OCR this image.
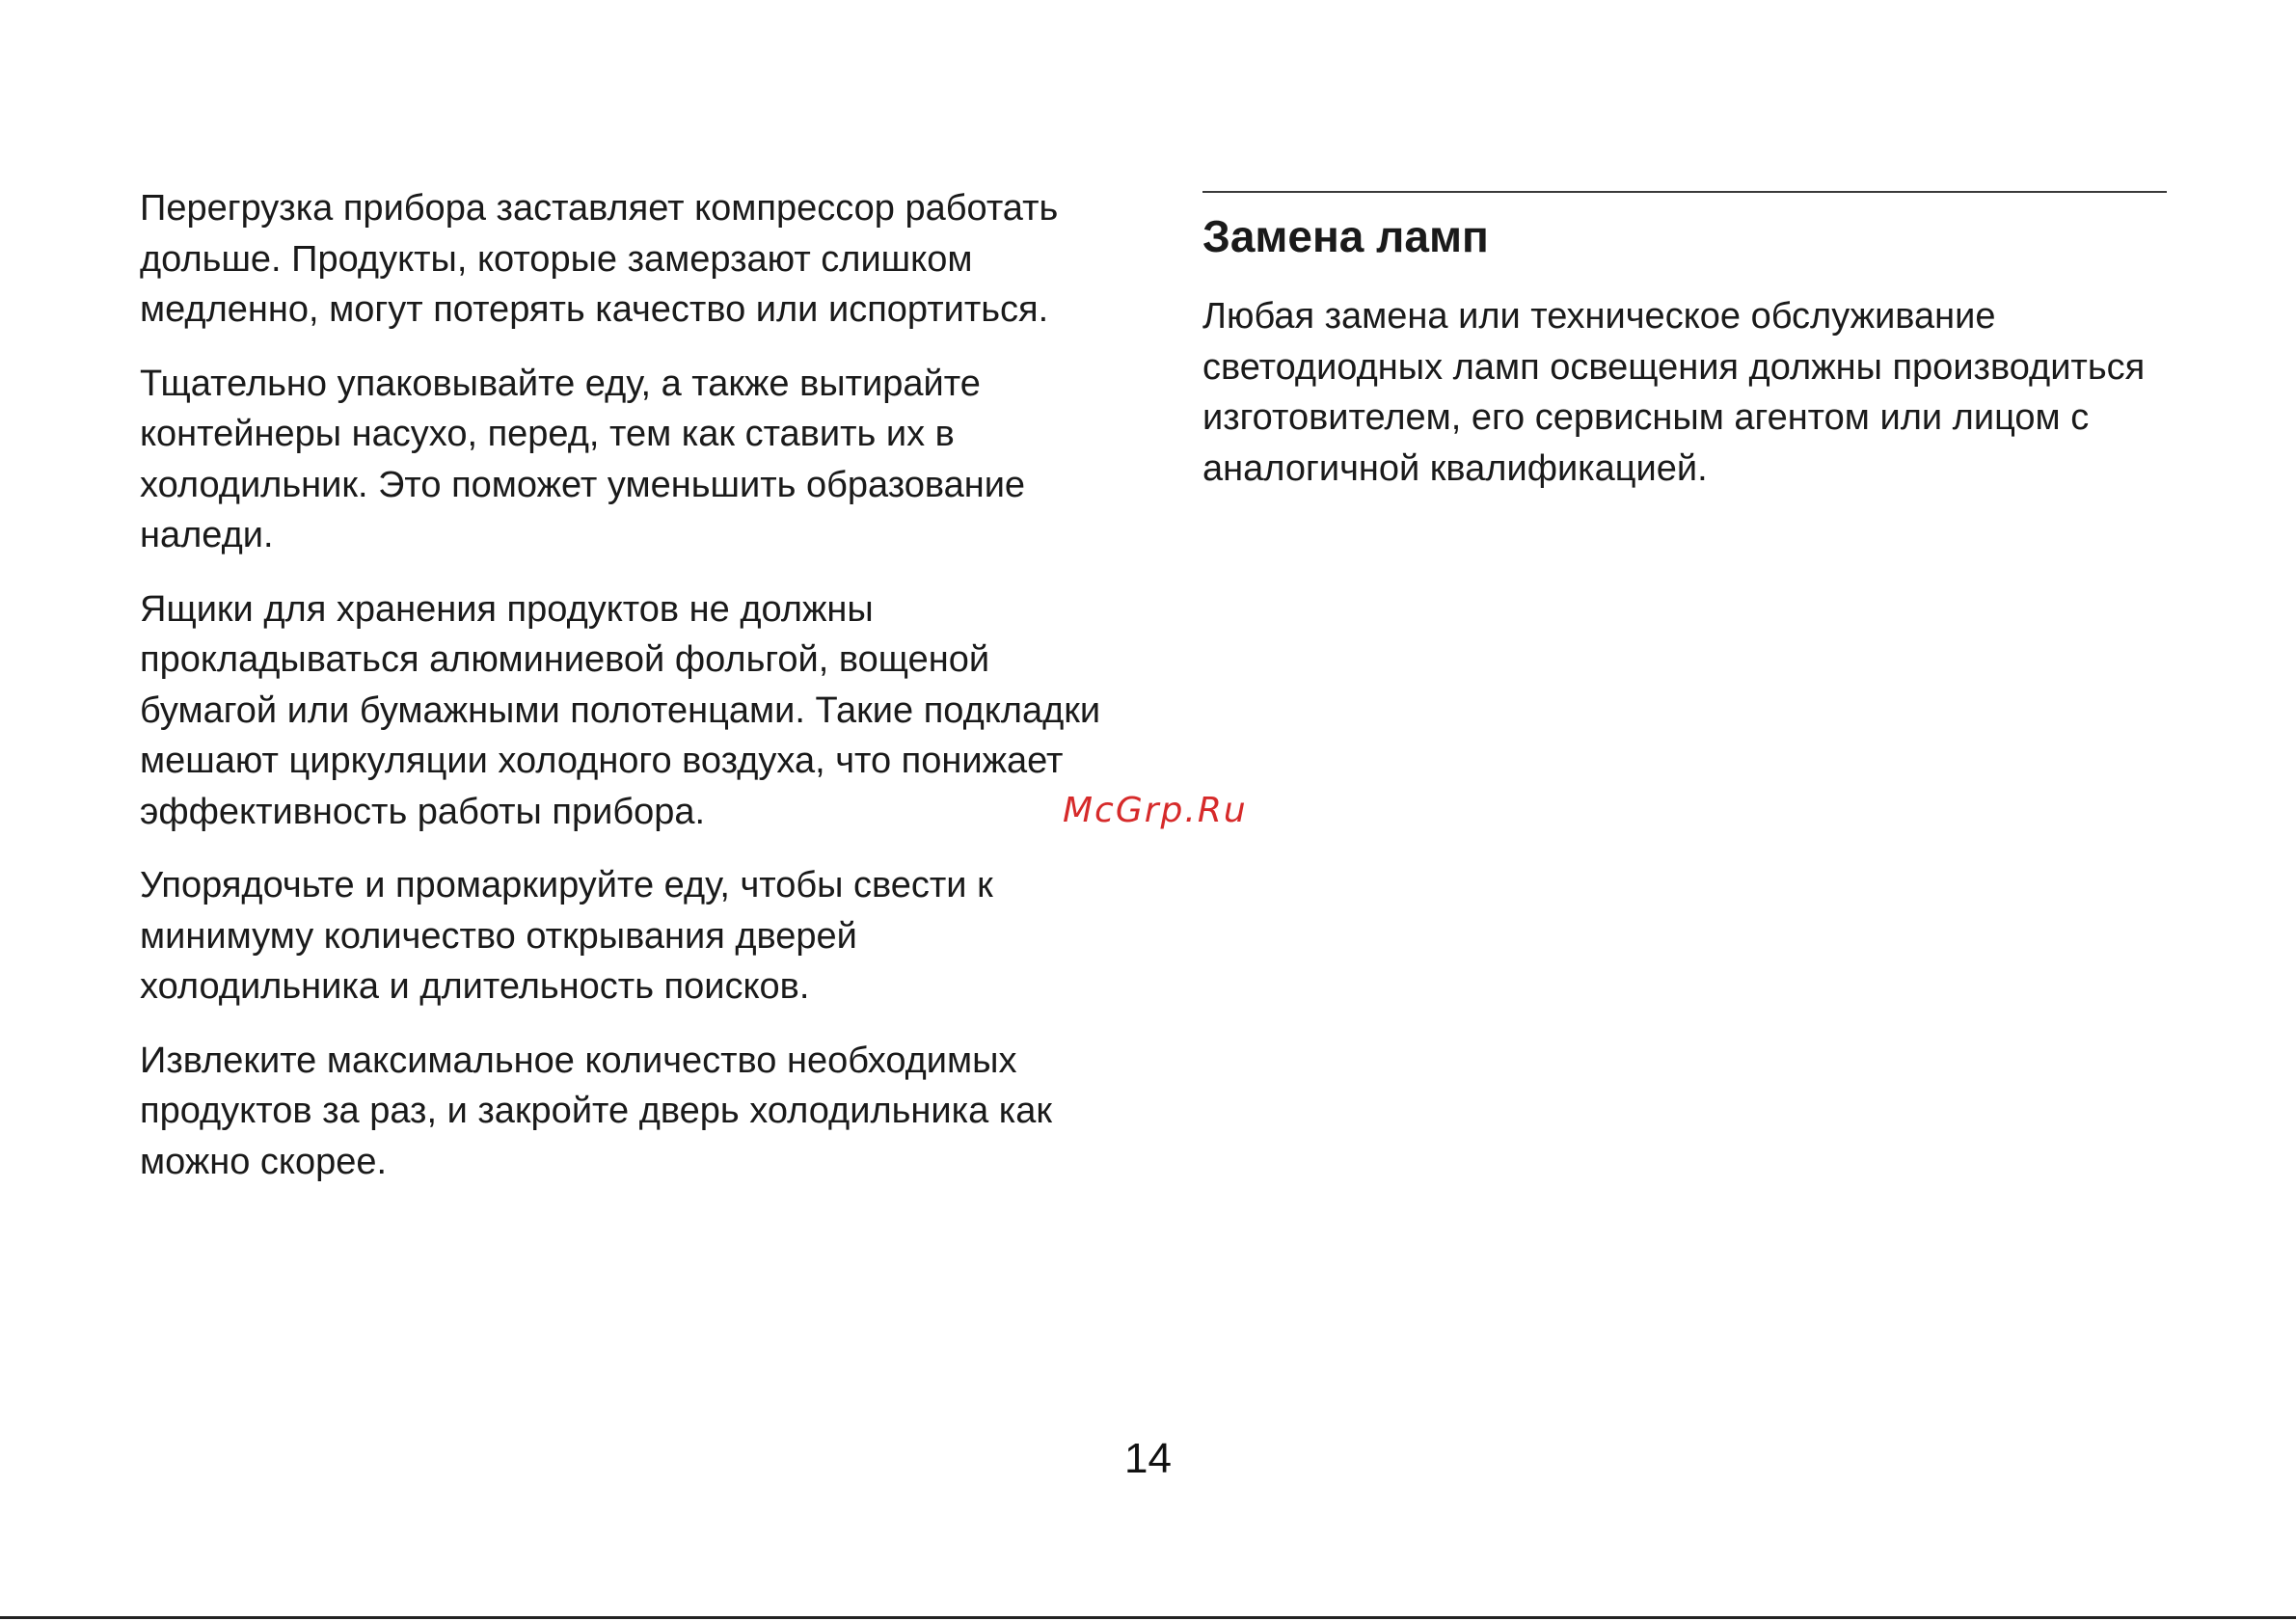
Перегрузка прибора заставляет компрессор работать дольше. Продукты, которые замерзают слишком медленно, могут потерять качество или испортиться.

Тщательно упаковывайте еду, а также вытирайте контейнеры насухо, перед, тем как ставить их в холодильник. Это поможет уменьшить образование наледи.

Ящики для хранения продуктов не должны прокладываться алюминиевой фольгой, вощеной бумагой или бумажными полотенцами. Такие подкладки мешают циркуляции холодного воздуха, что понижает эффективность работы прибора.

Упорядочьте и промаркируйте еду, чтобы свести к минимуму количество открывания дверей холодильника и длительность поисков.

Извлеките максимальное количество необходимых продуктов за раз, и закройте дверь холодильника как можно скорее.

Замена ламп

Любая замена или техническое обслуживание светодиодных ламп освещения должны производиться изготовителем, его сервисным агентом или лицом с аналогичной квалификацией.

McGrp.Ru
14
